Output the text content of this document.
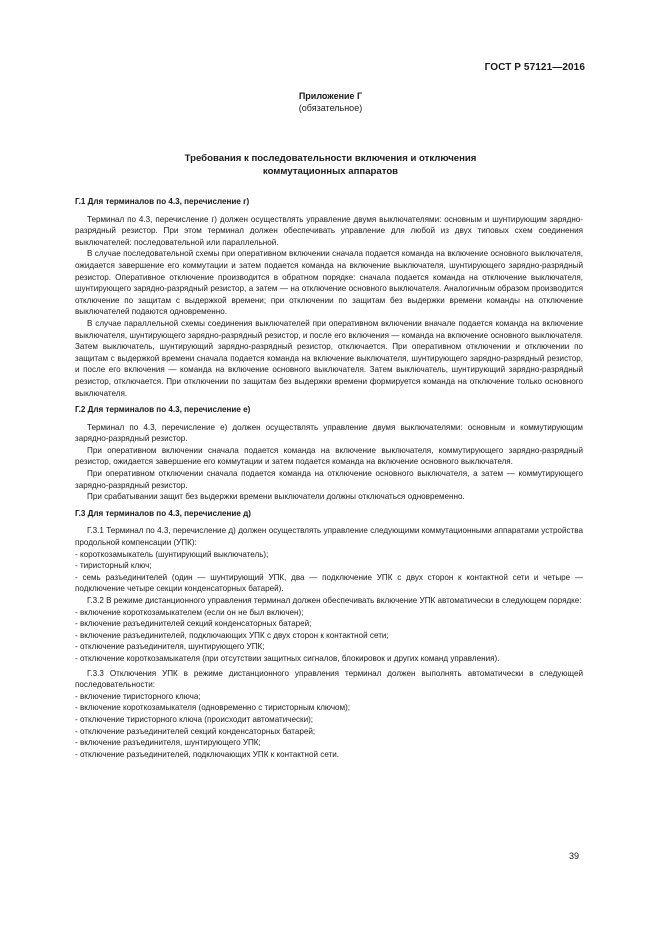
ГОСТ Р 57121—2016
Приложение Г
(обязательное)
Требования к последовательности включения и отключения
коммутационных аппаратов
Г.1 Для терминалов по 4.3, перечисление г)

Терминал по 4.3, перечисление г) должен осуществлять управление двумя выключателями: основным и шунтирующим зарядно-разрядный резистор. При этом терминал должен обеспечивать управление для любой из двух типовых схем соединения выключателей: последовательной или параллельной.

В случае последовательной схемы при оперативном включении сначала подается команда на включение основного выключателя, ожидается завершение его коммутации и затем подается команда на включение выключателя, шунтирующего зарядно-разрядный резистор. Оперативное отключение производится в обратном порядке: сначала подается команда на отключение выключателя, шунтирующего зарядно-разрядный резистор, а затем — на отключение основного выключателя. Аналогичным образом производится отключение по защитам с выдержкой времени; при отключении по защитам без выдержки времени команды на отключение выключателей подаются одновременно.

В случае параллельной схемы соединения выключателей при оперативном включении вначале подается команда на включение выключателя, шунтирующего зарядно-разрядный резистор, и после его включения — команда на включение основного выключателя. Затем выключатель, шунтирующий зарядно-разрядный резистор, отключается. При оперативном отключении и отключении по защитам с выдержкой времени сначала подается команда на включение выключателя, шунтирующего зарядно-разрядный резистор, и после его включения — команда на включение основного выключателя. Затем выключатель, шунтирующий зарядно-разрядный резистор, отключается. При отключении по защитам без выдержки времени формируется команда на отключение только основного выключателя.

Г.2 Для терминалов по 4.3, перечисление е)

Терминал по 4.3, перечисление е) должен осуществлять управление двумя выключателями: основным и коммутирующим зарядно-разрядный резистор.

При оперативном включении сначала подается команда на включение выключателя, коммутирующего зарядно-разрядный резистор, ожидается завершение его коммутации и затем подается команда на включение основного выключателя.

При оперативном отключении сначала подается команда на отключение основного выключателя, а затем — коммутирующего зарядно-разрядный резистор.

При срабатывании защит без выдержки времени выключатели должны отключаться одновременно.

Г.3 Для терминалов по 4.3, перечисление д)

Г.3.1 Терминал по 4.3, перечисление д) должен осуществлять управление следующими коммутационными аппаратами устройства продольной компенсации (УПК):

- короткозамыкатель (шунтирующий выключатель);
- тиристорный ключ;
- семь разъединителей (один — шунтирующий УПК, два — подключение УПК с двух сторон к контактной сети и четыре — подключение четыре секции конденсаторных батарей).

Г.3.2 В режиме дистанционного управления терминал должен обеспечивать включение УПК автоматически в следующем порядке:

- включение короткозамыкателем (если он не был включен);
- включение разъединителей секций конденсаторных батарей;
- включение разъединителей, подключающих УПК с двух сторон к контактной сети;
- отключение разъединителя, шунтирующего УПК;
- отключение короткозамыкателя (при отсутствии защитных сигналов, блокировок и других команд управления).

Г.3.3 Отключения УПК в режиме дистанционного управления терминал должен выполнять автоматически в следующей последовательности:

- включение тиристорного ключа;
- включение короткозамыкателя (одновременно с тиристорным ключом);
- отключение тиристорного ключа (происходит автоматически);
- отключение разъединителей секций конденсаторных батарей;
- включение разъединителя, шунтирующего УПК;
- отключение разъединителей, подключающих УПК к контактной сети.
39
